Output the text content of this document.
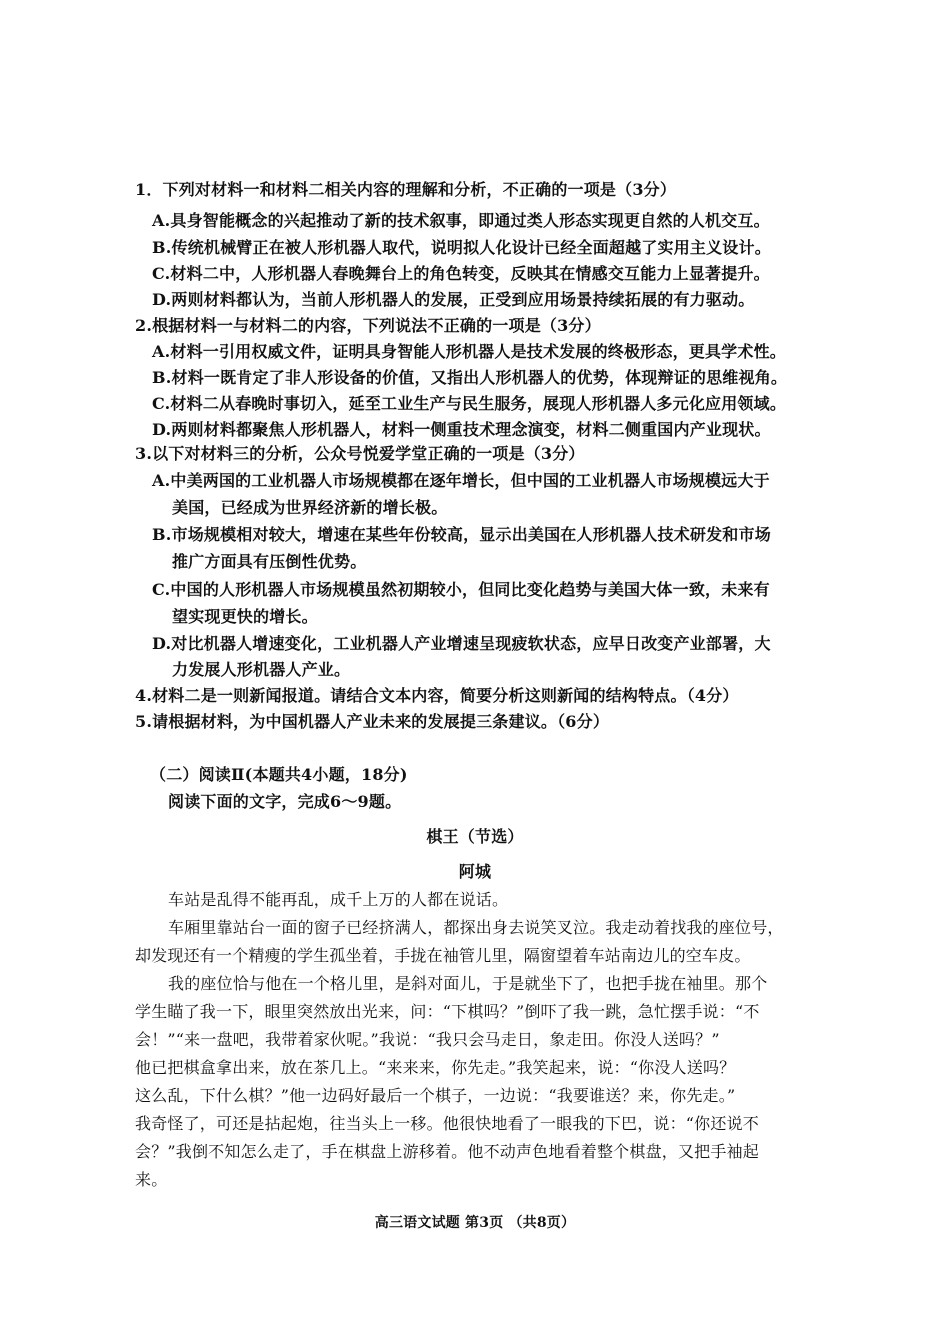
1．下列对材料一和材料二相关内容的理解和分析，不正确的一项是（3分）
A.具身智能概念的兴起推动了新的技术叙事，即通过类人形态实现更自然的人机交互。
B.传统机械臂正在被人形机器人取代，说明拟人化设计已经全面超越了实用主义设计。
C.材料二中，人形机器人春晚舞台上的角色转变，反映其在情感交互能力上显著提升。
D.两则材料都认为，当前人形机器人的发展，正受到应用场景持续拓展的有力驱动。
2.根据材料一与材料二的内容，下列说法不正确的一项是（3分）
A.材料一引用权威文件，证明具身智能人形机器人是技术发展的终极形态，更具学术性。
B.材料一既肯定了非人形设备的价值，又指出人形机器人的优势，体现辩证的思维视角。
C.材料二从春晚时事切入，延至工业生产与民生服务，展现人形机器人多元化应用领域。
D.两则材料都聚焦人形机器人，材料一侧重技术理念演变，材料二侧重国内产业现状。
3.以下对材料三的分析，公众号悦爱学堂正确的一项是（3分）
A.中美两国的工业机器人市场规模都在逐年增长，但中国的工业机器人市场规模远大于
美国，已经成为世界经济新的增长极。
B.市场规模相对较大，增速在某些年份较高，显示出美国在人形机器人技术研发和市场
推广方面具有压倒性优势。
C.中国的人形机器人市场规模虽然初期较小，但同比变化趋势与美国大体一致，未来有
望实现更快的增长。
D.对比机器人增速变化，工业机器人产业增速呈现疲软状态，应早日改变产业部署，大
力发展人形机器人产业。
4.材料二是一则新闻报道。请结合文本内容，简要分析这则新闻的结构特点。（4分）
5.请根据材料，为中国机器人产业未来的发展提三条建议。（6分）
（二）阅读Ⅱ(本题共4小题，18分)
阅读下面的文字，完成6～9题。
棋王（节选）
阿城
车站是乱得不能再乱，成千上万的人都在说话。
车厢里靠站台一面的窗子已经挤满人，都探出身去说笑叉泣。我走动着找我的座位号，
却发现还有一个精瘦的学生孤坐着，手拢在袖管儿里，隔窗望着车站南边儿的空车皮。
我的座位恰与他在一个格儿里，是斜对面儿，于是就坐下了，也把手拢在袖里。那个
学生瞄了我一下，眼里突然放出光来，问：“下棋吗？”倒吓了我一跳，急忙摆手说：“不
会！”“来一盘吧，我带着家伙呢。”我说：“我只会马走日，象走田。你没人送吗？”
他已把棋盒拿出来，放在茶几上。“来来来，你先走。”我笑起来，说：“你没人送吗？
这么乱，下什么棋？”他一边码好最后一个棋子，一边说：“我要谁送？来，你先走。”
我奇怪了，可还是拈起炮，往当头上一移。他很快地看了一眼我的下巴，说：“你还说不
会？”我倒不知怎么走了，手在棋盘上游移着。他不动声色地看着整个棋盘，又把手袖起
来。
高三语文试题 第3页 （共8页）
